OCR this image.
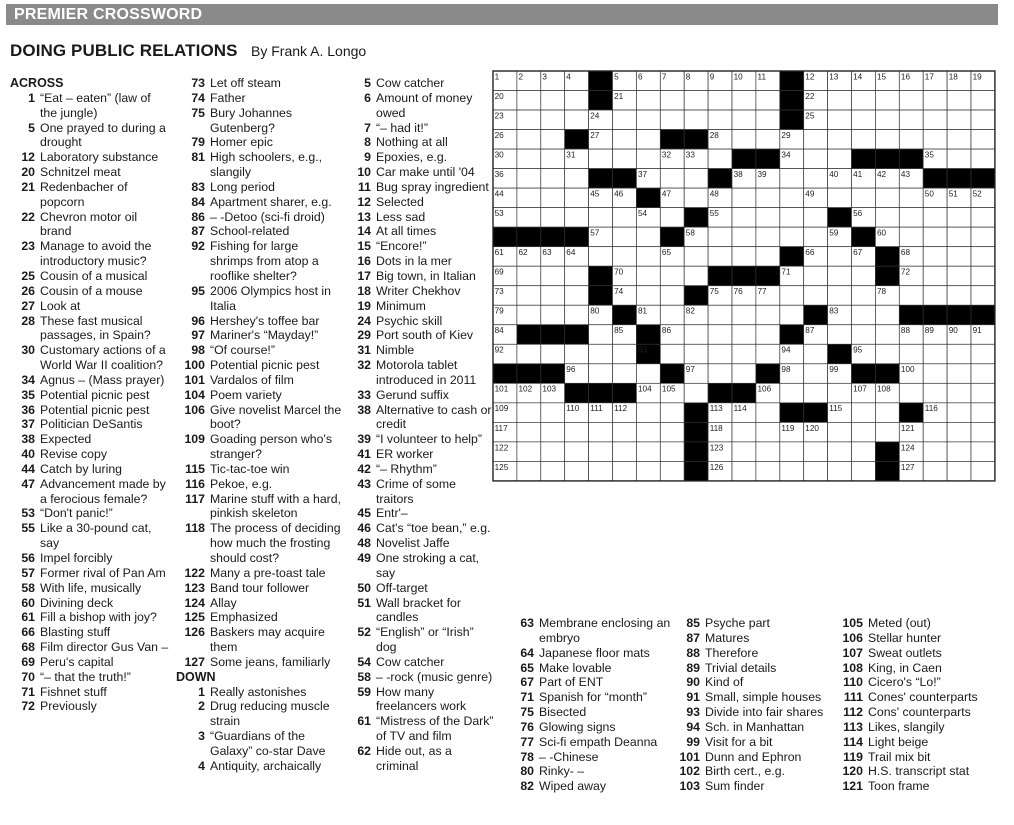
PREMIER CROSSWORD
DOING PUBLIC RELATIONS By Frank A. Longo
ACROSS
1 “Eat – eaten” (law of the jungle)
5 One prayed to during a drought
12 Laboratory substance
20 Schnitzel meat
21 Redenbacher of popcorn
22 Chevron motor oil brand
23 Manage to avoid the introductory music?
25 Cousin of a musical
26 Cousin of a mouse
27 Look at
28 These fast musical passages, in Spain?
30 Customary actions of a World War II coalition?
34 Agnus – (Mass prayer)
35 Potential picnic pest
36 Potential picnic pest
37 Politician DeSantis
38 Expected
40 Revise copy
44 Catch by luring
47 Advancement made by a ferocious female?
53 “Don't panic!”
55 Like a 30-pound cat, say
56 Impel forcibly
57 Former rival of Pan Am
58 With life, musically
60 Divining deck
61 Fill a bishop with joy?
66 Blasting stuff
68 Film director Gus Van –
69 Peru's capital
70 “– that the truth!”
71 Fishnet stuff
72 Previously
73 Let off steam
74 Father
75 Bury Johannes Gutenberg?
79 Homer epic
81 High schoolers, e.g., slangily
83 Long period
84 Apartment sharer, e.g.
86 – -Detoo (sci-fi droid)
87 School-related
92 Fishing for large shrimps from atop a rooflike shelter?
95 2006 Olympics host in Italia
96 Hershey's toffee bar
97 Mariner's “Mayday!”
98 “Of course!”
100 Potential picnic pest
101 Vardalos of film
104 Poem variety
106 Give novelist Marcel the boot?
109 Goading person who's stranger?
115 Tic-tac-toe win
116 Pekoe, e.g.
117 Marine stuff with a hard, pinkish skeleton
118 The process of deciding how much the frosting should cost?
122 Many a pre-toast tale
123 Band tour follower
124 Allay
125 Emphasized
126 Baskers may acquire them
127 Some jeans, familiarly
DOWN
1 Really astonishes
2 Drug reducing muscle strain
3 “Guardians of the Galaxy” co-star Dave
4 Antiquity, archaically
5 Cow catcher
6 Amount of money owed
7 “– had it!”
8 Nothing at all
9 Epoxies, e.g.
10 Car make until '04
11 Bug spray ingredient
12 Selected
13 Less sad
14 At all times
15 “Encore!”
16 Dots in la mer
17 Big town, in Italian
18 Writer Chekhov
19 Minimum
24 Psychic skill
29 Port south of Kiev
31 Nimble
32 Motorola tablet introduced in 2011
33 Gerund suffix
38 Alternative to cash or credit
39 “I volunteer to help”
41 ER worker
42 “– Rhythm”
43 Crime of some traitors
45 Entr'–
46 Cat's “toe bean,” e.g.
48 Novelist Jaffe
49 One stroking a cat, say
50 Off-target
51 Wall bracket for candles
52 “English” or “Irish” dog
54 Cow catcher
58 – -rock (music genre)
59 How many freelancers work
61 “Mistress of the Dark” of TV and film
62 Hide out, as a criminal
63 Membrane enclosing an embryo
64 Japanese floor mats
65 Make lovable
67 Part of ENT
71 Spanish for “month”
75 Bisected
76 Glowing signs
77 Sci-fi empath Deanna
78 – -Chinese
80 Rinky- –
82 Wiped away
85 Psyche part
87 Matures
88 Therefore
89 Trivial details
90 Kind of
91 Small, simple houses
93 Divide into fair shares
94 Sch. in Manhattan
99 Visit for a bit
101 Dunn and Ephron
102 Birth cert., e.g.
103 Sum finder
105 Meted (out)
106 Stellar hunter
107 Sweat outlets
108 King, in Caen
110 Cicero's “Lo!”
111 Cones' counterparts
112 Cons' counterparts
113 Likes, slangily
114 Light beige
119 Trail mix bit
120 H.S. transcript stat
121 Toon frame
1 2 3 4	5 6 7 8 9 10 11	12 13 14 15 16 17 18 19
20	21	22
23	24	25
26	27	28	29
30	31	32 33	34	35
36	37	38 39	40 41 42 43
44	45 46	47	48	49	50 51 52
53	54	55	56
57	58	59	60
61 62 63 64	65	66	67	68
69	70	71	72
73	74	75 76 77	78
79	80	81	82	83
84	85	86	87	88 89 90 91
92	93	94	95
96	97	98	99	100
101 102 103	104 105	106	107 108
109	110 111 112	113 114	115	116
117	118	119 120	121
122	123	124
125	126	127
